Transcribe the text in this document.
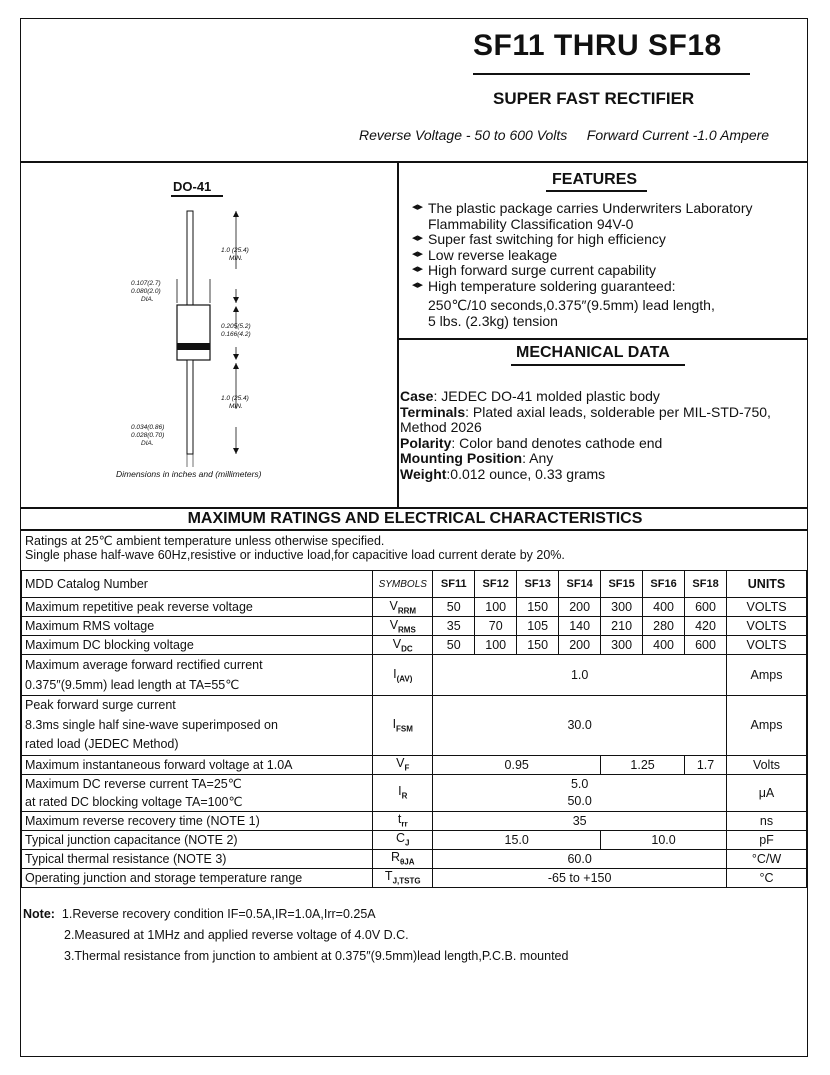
SF11 THRU SF18
SUPER FAST RECTIFIER
Reverse Voltage - 50 to 600 Volts Forward Current -1.0 Ampere
DO-41
1.0 (25.4)
MIN.
0.107(2.7)
0.080(2.0)
DIA.
0.205(5.2)
0.166(4.2)
1.0 (25.4)
MIN.
0.034(0.86)
0.028(0.70)
DIA.
Dimensions in inches and (millimeters)
FEATURES
◂▸ The plastic package carries Underwriters Laboratory Flammability Classification 94V-0
◂▸ Super fast switching for high efficiency
◂▸ Low reverse leakage
◂▸ High forward surge current capability
◂▸ High temperature soldering guaranteed:
250℃/10 seconds,0.375″(9.5mm) lead length,
5 lbs. (2.3kg) tension
MECHANICAL DATA
Case: JEDEC DO-41 molded plastic body
Terminals: Plated axial leads, solderable per MIL-STD-750, Method 2026
Polarity: Color band denotes cathode end
Mounting Position: Any
Weight:0.012 ounce, 0.33 grams
MAXIMUM RATINGS AND ELECTRICAL CHARACTERISTICS
Ratings at 25℃ ambient temperature unless otherwise specified.
Single phase half-wave 60Hz,resistive or inductive load,for capacitive load current derate by 20%.
MDD Catalog Number	SYMBOLS	SF11	SF12	SF13	SF14	SF15	SF16	SF18	UNITS
Maximum repetitive peak reverse voltage	$V_{RRM}$	50	100	150	200	300	400	600	VOLTS
Maximum RMS voltage	$V_{RMS}$	35	70	105	140	210	280	420	VOLTS
Maximum DC blocking voltage	$V_{DC}$	50	100	150	200	300	400	600	VOLTS
Maximum average forward rectified current
0.375″(9.5mm) lead length at TA=55℃	$I_{(AV)}$	1.0							Amps
Peak forward surge current
8.3ms single half sine-wave superimposed on
rated load (JEDEC Method)	$I_{FSM}$	30.0							Amps
Maximum instantaneous forward voltage at 1.0A	$V_F$	0.95				1.25		1.7	Volts
Maximum DC reverse current TA=25℃
at rated DC blocking voltage TA=100℃	$I_R$	5.0
50.0							μA
Maximum reverse recovery time (NOTE 1)	$t_{rr}$	35							ns
Typical junction capacitance (NOTE 2)	$C_J$	15.0				10.0			pF
Typical thermal resistance (NOTE 3)	$R_{\theta JA}$	60.0							°C/W
Operating junction and storage temperature range	$T_{J,TSTG}$	-65 to +150							°C
Note: 1.Reverse recovery condition IF=0.5A,IR=1.0A,Irr=0.25A
2.Measured at 1MHz and applied reverse voltage of 4.0V D.C.
3.Thermal resistance from junction to ambient at 0.375″(9.5mm)lead length,P.C.B. mounted
